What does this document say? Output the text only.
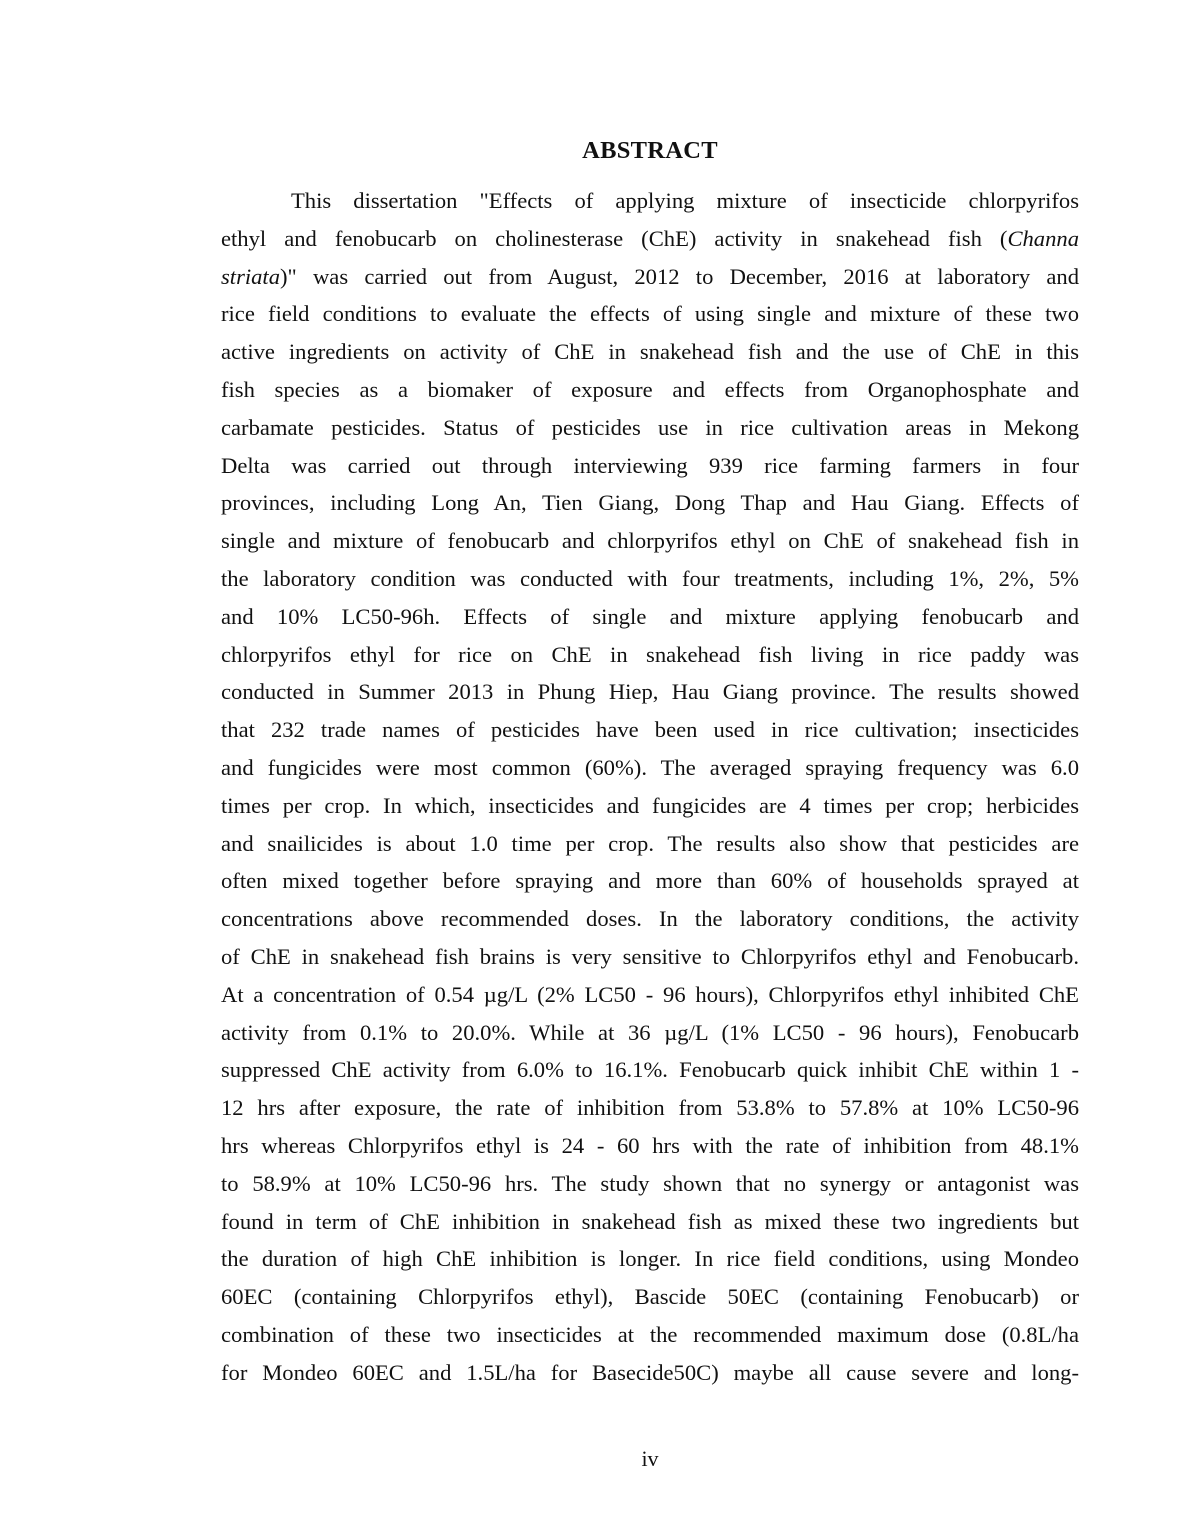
ABSTRACT
This dissertation "Effects of applying mixture of insecticide chlorpyrifos
ethyl and fenobucarb on cholinesterase (ChE) activity in snakehead fish (Channa
striata)" was carried out from August, 2012 to December, 2016 at laboratory and
rice field conditions to evaluate the effects of using single and mixture of these two
active ingredients on activity of ChE in snakehead fish and the use of ChE in this
fish species as a biomaker of exposure and effects from Organophosphate and
carbamate pesticides. Status of pesticides use in rice cultivation areas in Mekong
Delta was carried out through interviewing 939 rice farming farmers in four
provinces, including Long An, Tien Giang, Dong Thap and Hau Giang. Effects of
single and mixture of fenobucarb and chlorpyrifos ethyl on ChE of snakehead fish in
the laboratory condition was conducted with four treatments, including 1%, 2%, 5%
and 10% LC50-96h. Effects of single and mixture applying fenobucarb and
chlorpyrifos ethyl for rice on ChE in snakehead fish living in rice paddy was
conducted in Summer 2013 in Phung Hiep, Hau Giang province. The results showed
that 232 trade names of pesticides have been used in rice cultivation; insecticides
and fungicides were most common (60%). The averaged spraying frequency was 6.0
times per crop. In which, insecticides and fungicides are 4 times per crop; herbicides
and snailicides is about 1.0 time per crop. The results also show that pesticides are
often mixed together before spraying and more than 60% of households sprayed at
concentrations above recommended doses. In the laboratory conditions, the activity
of ChE in snakehead fish brains is very sensitive to Chlorpyrifos ethyl and Fenobucarb.
At a concentration of 0.54 µg/L (2% LC50 - 96 hours), Chlorpyrifos ethyl inhibited ChE
activity from 0.1% to 20.0%. While at 36 µg/L (1% LC50 - 96 hours), Fenobucarb
suppressed ChE activity from 6.0% to 16.1%. Fenobucarb quick inhibit ChE within 1 -
12 hrs after exposure, the rate of inhibition from 53.8% to 57.8% at 10% LC50-96
hrs whereas Chlorpyrifos ethyl is 24 - 60 hrs with the rate of inhibition from 48.1%
to 58.9% at 10% LC50-96 hrs. The study shown that no synergy or antagonist was
found in term of ChE inhibition in snakehead fish as mixed these two ingredients but
the duration of high ChE inhibition is longer. In rice field conditions, using Mondeo
60EC (containing Chlorpyrifos ethyl), Bascide 50EC (containing Fenobucarb) or
combination of these two insecticides at the recommended maximum dose (0.8L/ha
for Mondeo 60EC and 1.5L/ha for Basecide50C) maybe all cause severe and long-
iv
